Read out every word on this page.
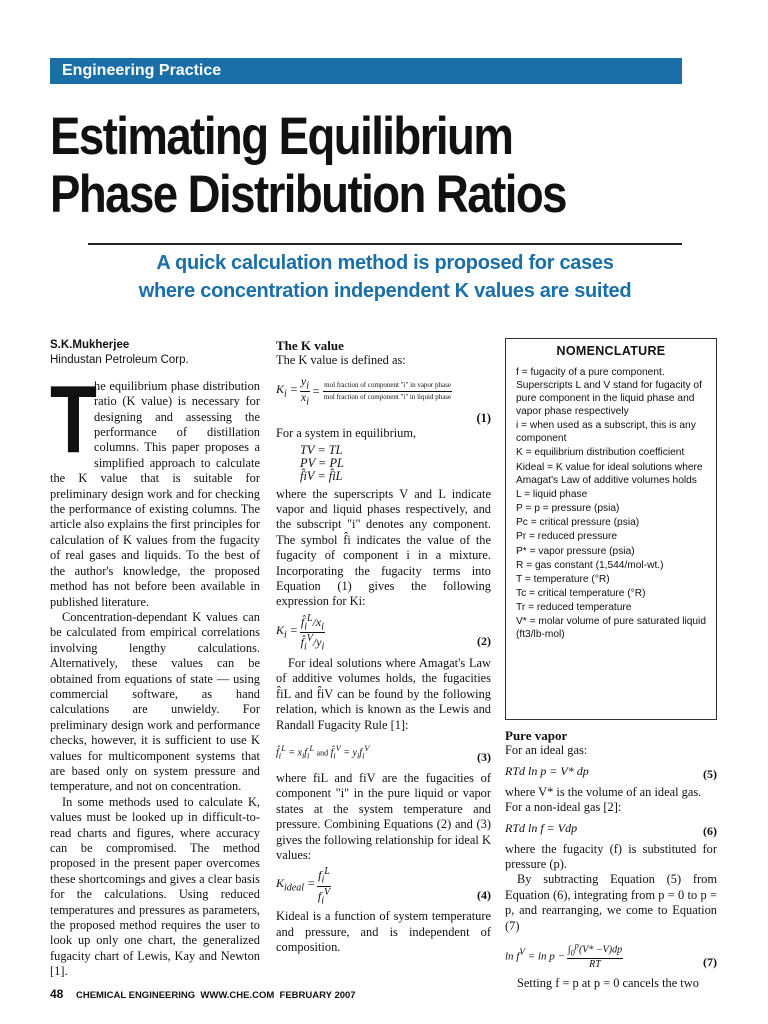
Engineering Practice
Estimating Equilibrium
Phase Distribution Ratios
A quick calculation method is proposed for cases
where concentration independent K values are suited
S.K.Mukherjee
Hindustan Petroleum Corp.
T
he equilibrium phase distribution ratio (K value) is necessary for designing and assessing the performance of distillation columns. This paper proposes a simplified approach to calculate the K value that is suitable for preliminary design work and for checking the performance of existing columns. The article also explains the first principles for calculation of K values from the fugacity of real gases and liquids. To the best of the author's knowledge, the proposed method has not before been available in published literature.

Concentration-dependant K values can be calculated from empirical correlations involving lengthy calculations. Alternatively, these values can be obtained from equations of state — using commercial software, as hand calculations are unwieldy. For preliminary design work and performance checks, however, it is sufficient to use K values for multicomponent systems that are based only on system pressure and temperature, and not on concentration.

In some methods used to calculate K, values must be looked up in difficult-to-read charts and figures, where accuracy can be compromised. The method proposed in the present paper overcomes these shortcomings and gives a clear basis for the calculations. Using reduced temperatures and pressures as parameters, the proposed method requires the user to look up only one chart, the generalized fugacity chart of Lewis, Kay and Newton [1].

The K value

The K value is defined as:

$K_i = \frac{y_i}{x_i} = \frac{\text{mol fraction of component "i" in vapor phase}}{\text{mol fraction of component "i" in liquid phase}}$
(1)

For a system in equilibrium,

TV = TL
PV = PL
f̂iV = f̂iL

where the superscripts V and L indicate vapor and liquid phases respectively, and the subscript "i" denotes any component. The symbol f̂i indicates the value of the fugacity of component i in a mixture. Incorporating the fugacity terms into Equation (1) gives the following expression for Ki:

$K_i = \frac{f̂_i^L/x_i}{f̂_i^V/y_i}$	(2)

For ideal solutions where Amagat's Law of additive volumes holds, the fugacities f̂iL and f̂iV can be found by the following relation, which is known as the Lewis and Randall Fugacity Rule [1]:

$f̂_i^L = x_if_i^L$ and $f̂_i^V = y_if_i^V$
(3)

where fiL and fiV are the fugacities of component "i" in the pure liquid or vapor states at the system temperature and pressure. Combining Equations (2) and (3) gives the following relationship for ideal K values:

$K_{ideal} = \frac{f_i^L}{f_i^V}$	(4)

Kideal is a function of system temperature and pressure, and is independent of composition.

NOMENCLATURE
f = fugacity of a pure component. Superscripts L and V stand for fugacity of pure component in the liquid phase and vapor phase respectively
i = when used as a subscript, this is any component
K = equilibrium distribution coefficient
Kideal = K value for ideal solutions where Amagat's Law of additive volumes holds
L = liquid phase
P = p = pressure (psia)
Pc = critical pressure (psia)
Pr = reduced pressure
P* = vapor pressure (psia)
R = gas constant (1,544/mol-wt.)
T = temperature (°R)
Tc = critical temperature (°R)
Tr = reduced temperature
V* = molar volume of pure saturated liquid (ft3/lb-mol)
Pure vapor

For an ideal gas:

RTd ln p = V* dp	(5)

where V* is the volume of an ideal gas. For a non-ideal gas [2]:

RTd ln f = Vdp	(6)

where the fugacity (f) is substituted for pressure (p).

By subtracting Equation (5) from Equation (6), integrating from p = 0 to p = p, and rearranging, we come to Equation (7)

$\ln f^V = \ln p - \frac{\int_0^p(V* -V)dp}{RT}$	(7)

Setting f = p at p = 0 cancels the two

48 CHEMICAL ENGINEERING  WWW.CHE.COM  FEBRUARY 2007
